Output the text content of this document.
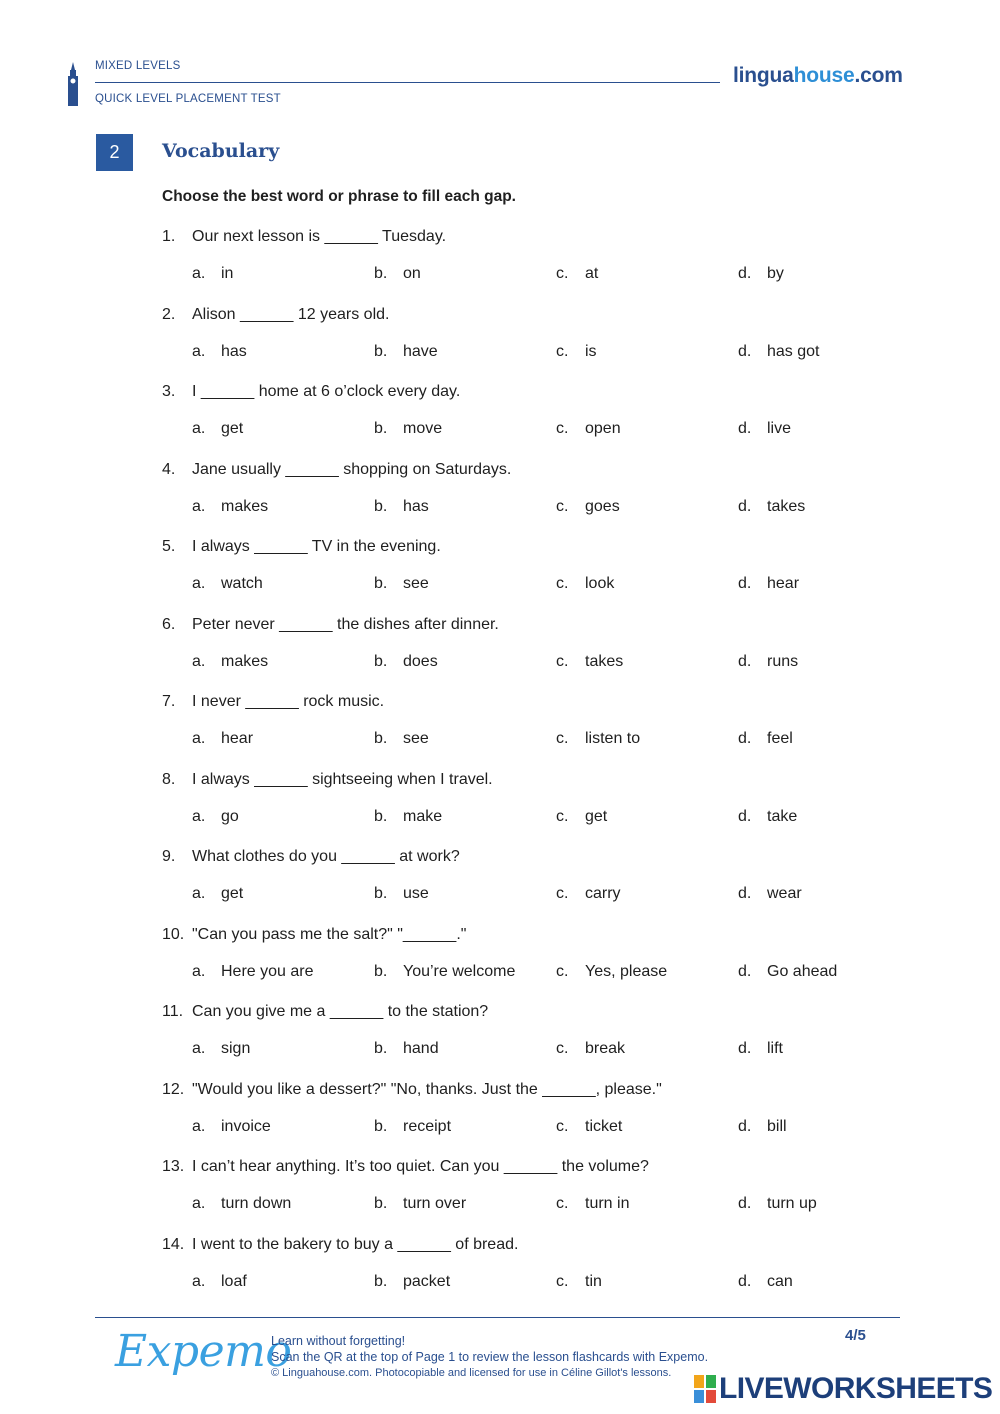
MIXED LEVELS
QUICK LEVEL PLACEMENT TEST
linguahouse.com
2	Vocabulary
Choose the best word or phrase to fill each gap.
1. Our next lesson is ______ Tuesday.
a. in	b. on	c. at	d. by
2. Alison ______ 12 years old.
a. has	b. have	c. is	d. has got
3. I ______ home at 6 o’clock every day.
a. get	b. move	c. open	d. live
4. Jane usually ______ shopping on Saturdays.
a. makes	b. has	c. goes	d. takes
5. I always ______ TV in the evening.
a. watch	b. see	c. look	d. hear
6. Peter never ______ the dishes after dinner.
a. makes	b. does	c. takes	d. runs
7. I never ______ rock music.
a. hear	b. see	c. listen to	d. feel
8. I always ______ sightseeing when I travel.
a. go	b. make	c. get	d. take
9. What clothes do you ______ at work?
a. get	b. use	c. carry	d. wear
10. "Can you pass me the salt?" "______."
a. Here you are	b. You’re welcome	c. Yes, please	d. Go ahead
11. Can you give me a ______ to the station?
a. sign	b. hand	c. break	d. lift
12. "Would you like a dessert?" "No, thanks. Just the ______, please."
a. invoice	b. receipt	c. ticket	d. bill
13. I can’t hear anything. It’s too quiet. Can you ______ the volume?
a. turn down	b. turn over	c. turn in	d. turn up
14. I went to the bakery to buy a ______ of bread.
a. loaf	b. packet	c. tin	d. can
Expemo
Learn without forgetting!
Scan the QR at the top of Page 1 to review the lesson flashcards with Expemo.
© Linguahouse.com. Photocopiable and licensed for use in Céline Gillot's lessons.
4/5
LIVEWORKSHEETS
